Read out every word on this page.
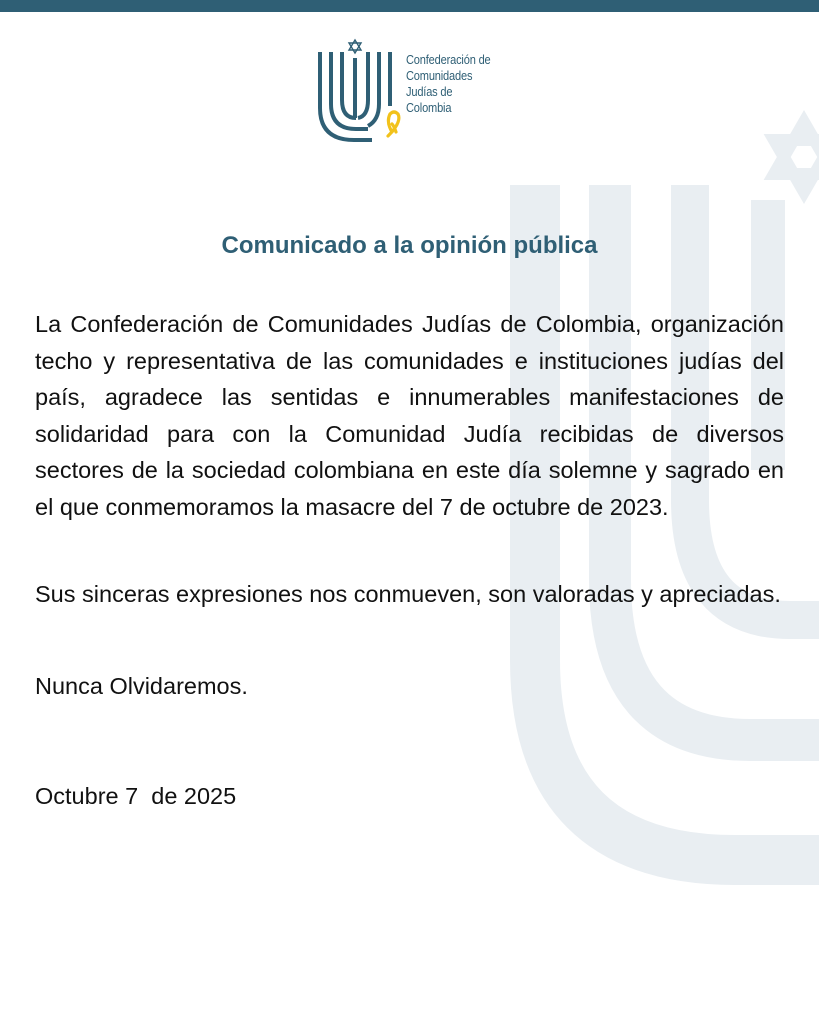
Confederación de
Comunidades
Judías de
Colombia
Comunicado a la opinión pública
La Confederación de Comunidades Judías de Colombia, organización techo y representativa de las comunidades e instituciones judías del país, agradece las sentidas e innumerables manifestaciones de solidaridad para con la Comunidad Judía recibidas de diversos sectores de la sociedad colombiana en este día solemne y sagrado en el que conmemoramos la masacre del 7 de octubre de 2023.
Sus sinceras expresiones nos conmueven, son valoradas y apreciadas.
Nunca Olvidaremos.
Octubre 7  de 2025
